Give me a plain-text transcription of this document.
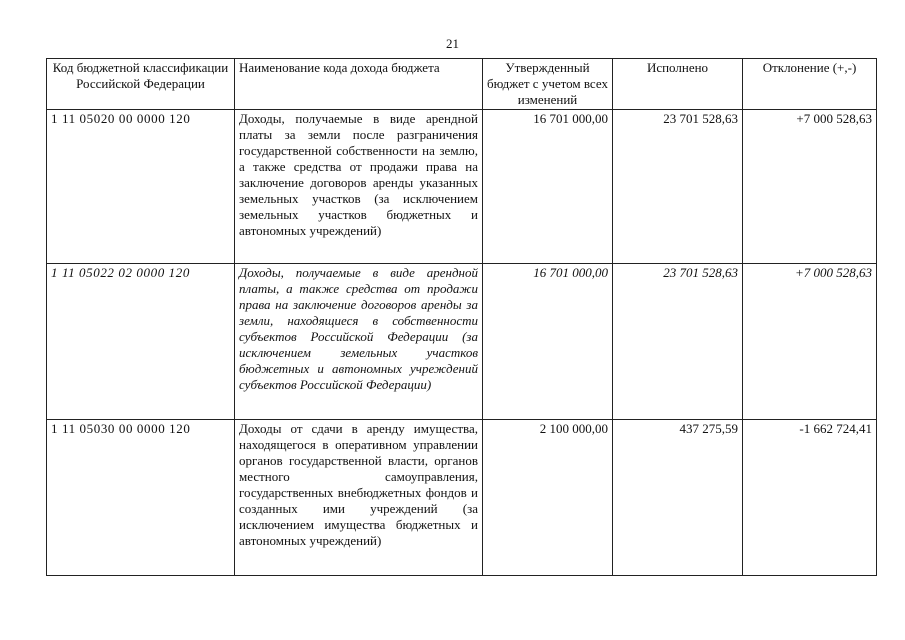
21
Код бюджетной классификации Российской Федерации	Наименование кода дохода бюджета	Утвержденный бюджет с учетом всех изменений	Исполнено	Отклонение (+,-)
1 11 05020 00 0000 120	Доходы, получаемые в виде арендной платы за земли после разграничения государственной собственности на землю, а также средства от продажи права на заключение договоров аренды указанных земельных участков (за исключением земельных участков бюджетных и автономных учреждений)	16 701 000,00	23 701 528,63	+7 000 528,63
1 11 05022 02 0000 120	Доходы, получаемые в виде арендной платы, а также средства от продажи права на заключение договоров аренды за земли, находящиеся в собственности субъектов Российской Федерации (за исключением земельных участков бюджетных и автономных учреждений субъектов Российской Федерации)	16 701 000,00	23 701 528,63	+7 000 528,63
1 11 05030 00 0000 120	Доходы от сдачи в аренду имущества, находящегося в оперативном управлении органов государственной власти, органов местного самоуправления, государственных внебюджетных фондов и созданных ими учреждений (за исключением имущества бюджетных и автономных учреждений)	2 100 000,00	437 275,59	-1 662 724,41
